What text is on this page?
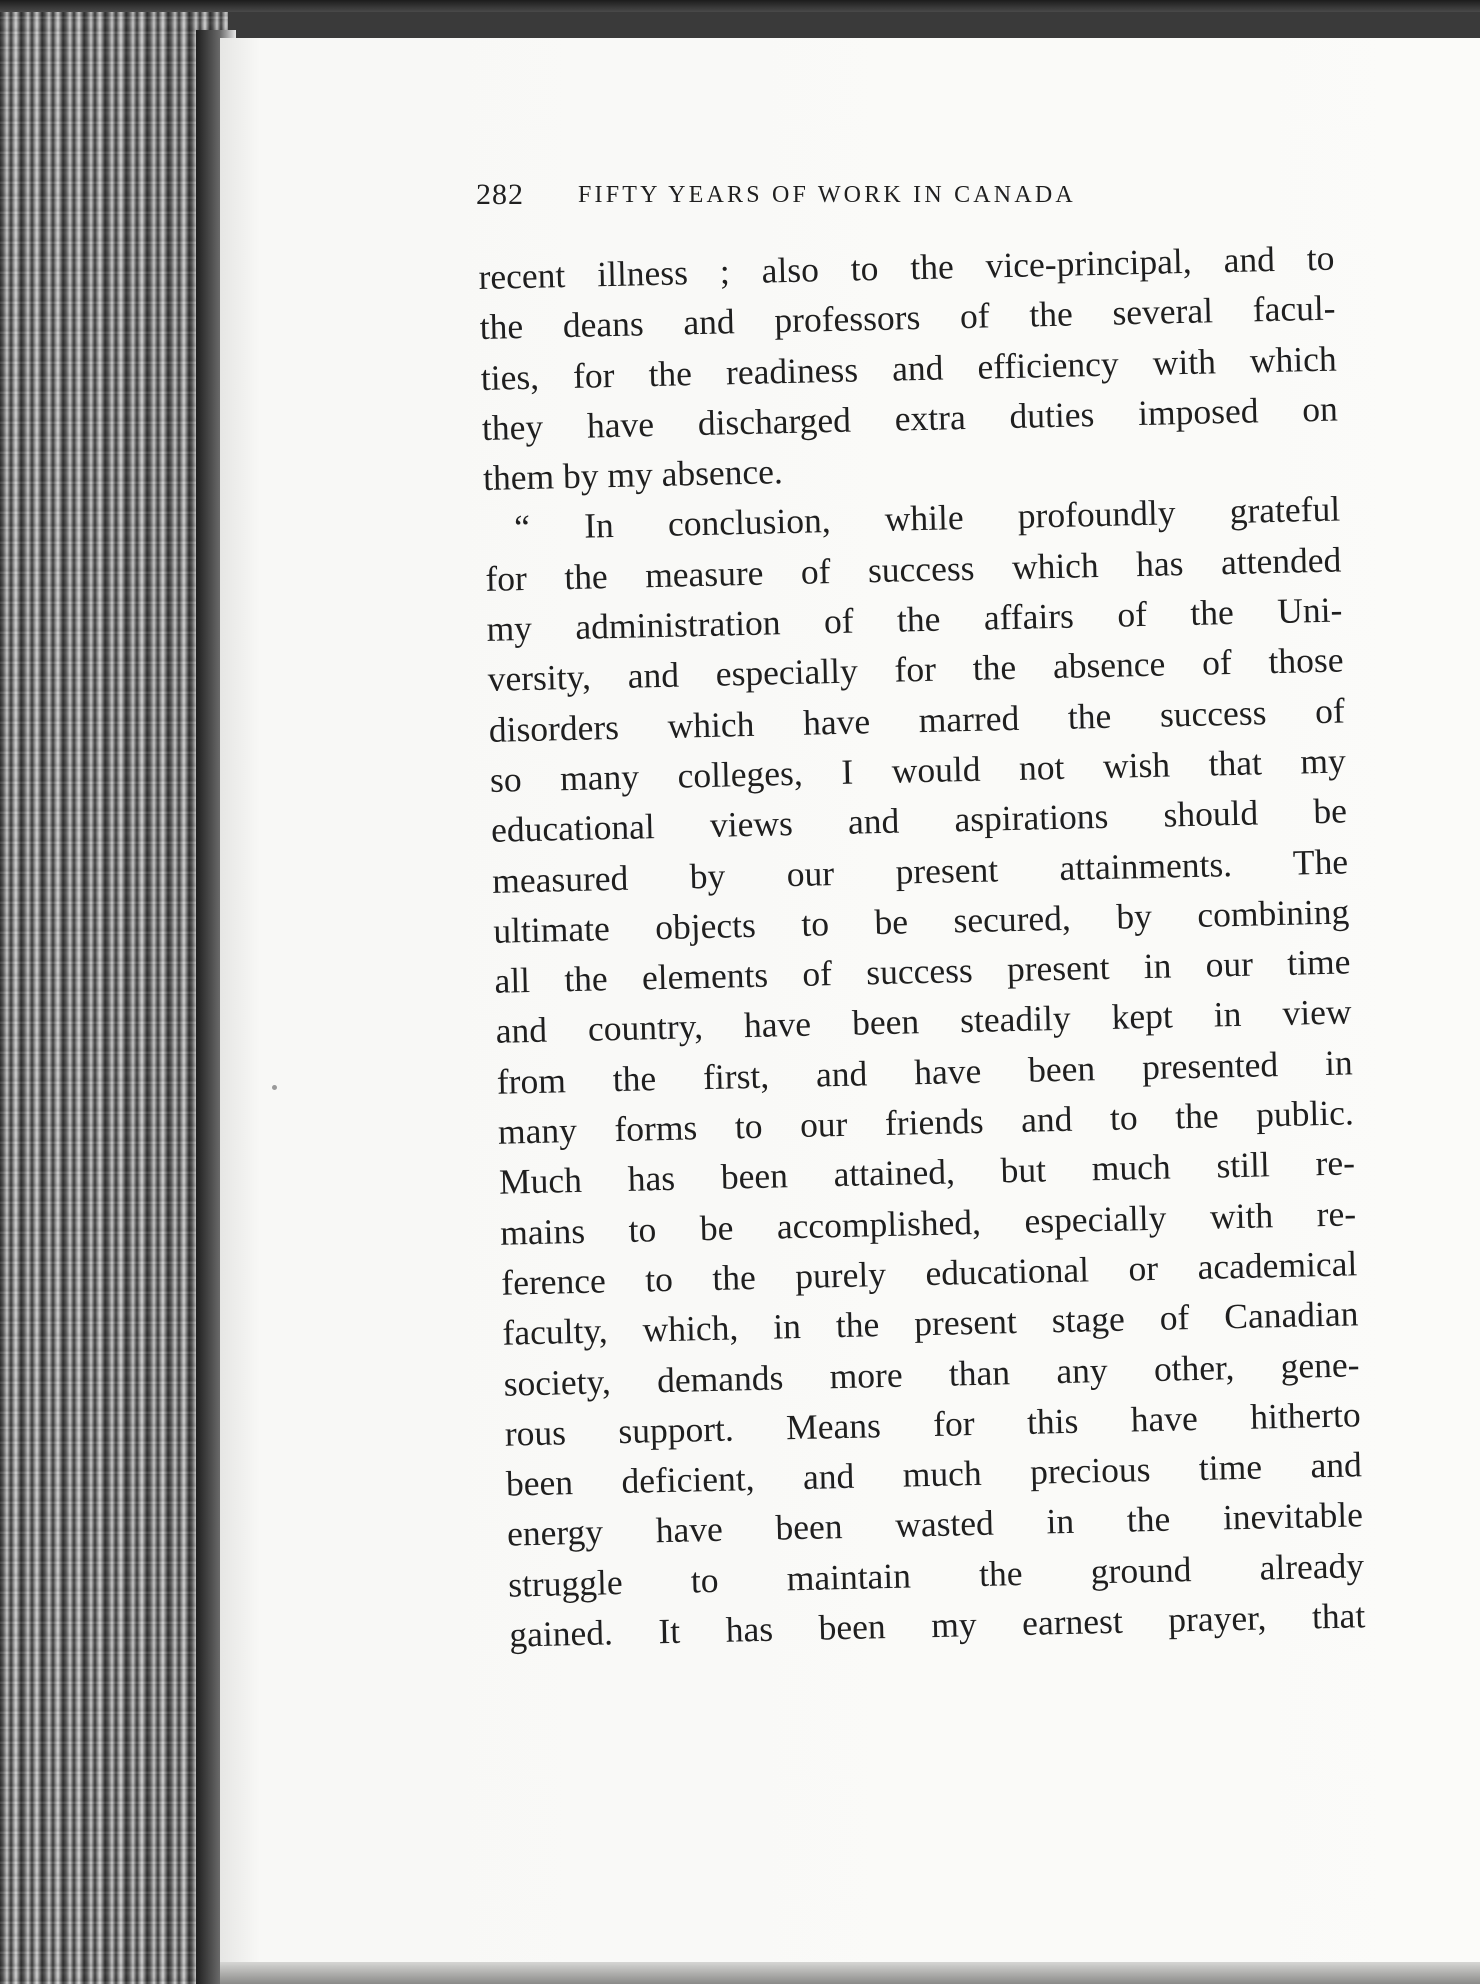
282 FIFTY YEARS OF WORK IN CANADA
recent illness ; also to the vice-principal, and to
the deans and professors of the several facul-
ties, for the readiness and efficiency with which
they have discharged extra duties imposed on
them by my absence.
“ In conclusion, while profoundly grateful
for the measure of success which has attended
my administration of the affairs of the Uni-
versity, and especially for the absence of those
disorders which have marred the success of
so many colleges, I would not wish that my
educational views and aspirations should be
measured by our present attainments. The
ultimate objects to be secured, by combining
all the elements of success present in our time
and country, have been steadily kept in view
from the first, and have been presented in
many forms to our friends and to the public.
Much has been attained, but much still re-
mains to be accomplished, especially with re-
ference to the purely educational or academical
faculty, which, in the present stage of Canadian
society, demands more than any other, gene-
rous support. Means for this have hitherto
been deficient, and much precious time and
energy have been wasted in the inevitable
struggle to maintain the ground already
gained. It has been my earnest prayer, that
